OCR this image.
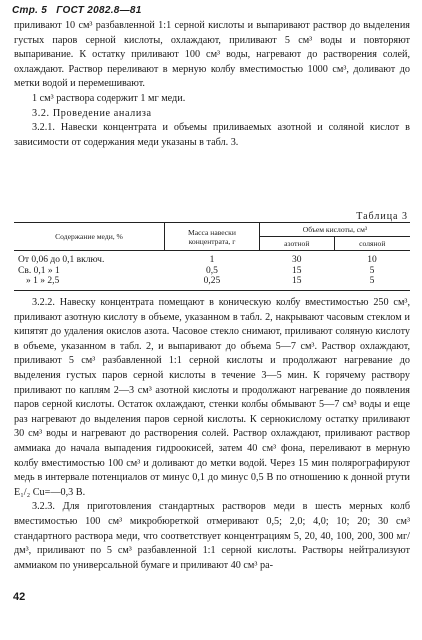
Стр. 5 ГОСТ 2082.8—81

приливают 10 см³ разбавленной 1:1 серной кислоты и выпаривают раствор до выделения густых паров серной кислоты, охлаждают, приливают 5 см³ воды и повторяют выпаривание. К остатку приливают 100 см³ воды, нагревают до растворения солей, охлаждают. Раствор переливают в мерную колбу вместимостью 1000 см³, доливают до метки водой и перемешивают.

1 см³ раствора содержит 1 мг меди.

3.2. Проведение анализа

3.2.1. Навески концентрата и объемы приливаемых азотной и соляной кислот в зависимости от содержания меди указаны в табл. 3.

Таблица 3
Содержание меди, %	Масса навески концентрата, г	Объем кислоты, см³	
		азотной	соляной

От 0,06 до 0,1 включ.	1	30	10
Св. 0,1 » 1	0,5	15	5
» 1 » 2,5	0,25	15	5

3.2.2. Навеску концентрата помещают в коническую колбу вместимостью 250 см³, приливают азотную кислоту в объеме, указанном в табл. 2, накрывают часовым стеклом и кипятят до удаления окислов азота. Часовое стекло снимают, приливают соляную кислоту в объеме, указанном в табл. 2, и выпаривают до объема 5—7 см³. Раствор охлаждают, приливают 5 см³ разбавленной 1:1 серной кислоты и продолжают нагревание до выделения густых паров серной кислоты в течение 3—5 мин. К горячему раствору приливают по каплям 2—3 см³ азотной кислоты и продолжают нагревание до появления паров серной кислоты. Остаток охлаждают, стенки колбы обмывают 5—7 см³ воды и еще раз нагревают до выделения паров серной кислоты. К сернокислому остатку приливают 30 см³ воды и нагревают до растворения солей. Раствор охлаждают, приливают раствор аммиака до начала выпадения гидроокисей, затем 40 см³ фона, переливают в мерную колбу вместимостью 100 см³ и доливают до метки водой. Через 15 мин полярографируют медь в интервале потенциалов от минус 0,1 до минус 0,5 В по отношению к донной ртути E₁/₂ Cu=—0,3 В.

3.2.3. Для приготовления стандартных растворов меди в шесть мерных колб вместимостью 100 см³ микробюреткой отмеривают 0,5; 2,0; 4,0; 10; 20; 30 см³ стандартного раствора меди, что соответствует концентрациям 5, 20, 40, 100, 200, 300 мг/дм³, приливают по 5 см³ разбавленной 1:1 серной кислоты. Растворы нейтрализуют аммиаком по универсальной бумаге и приливают 40 см³ ра-

42
